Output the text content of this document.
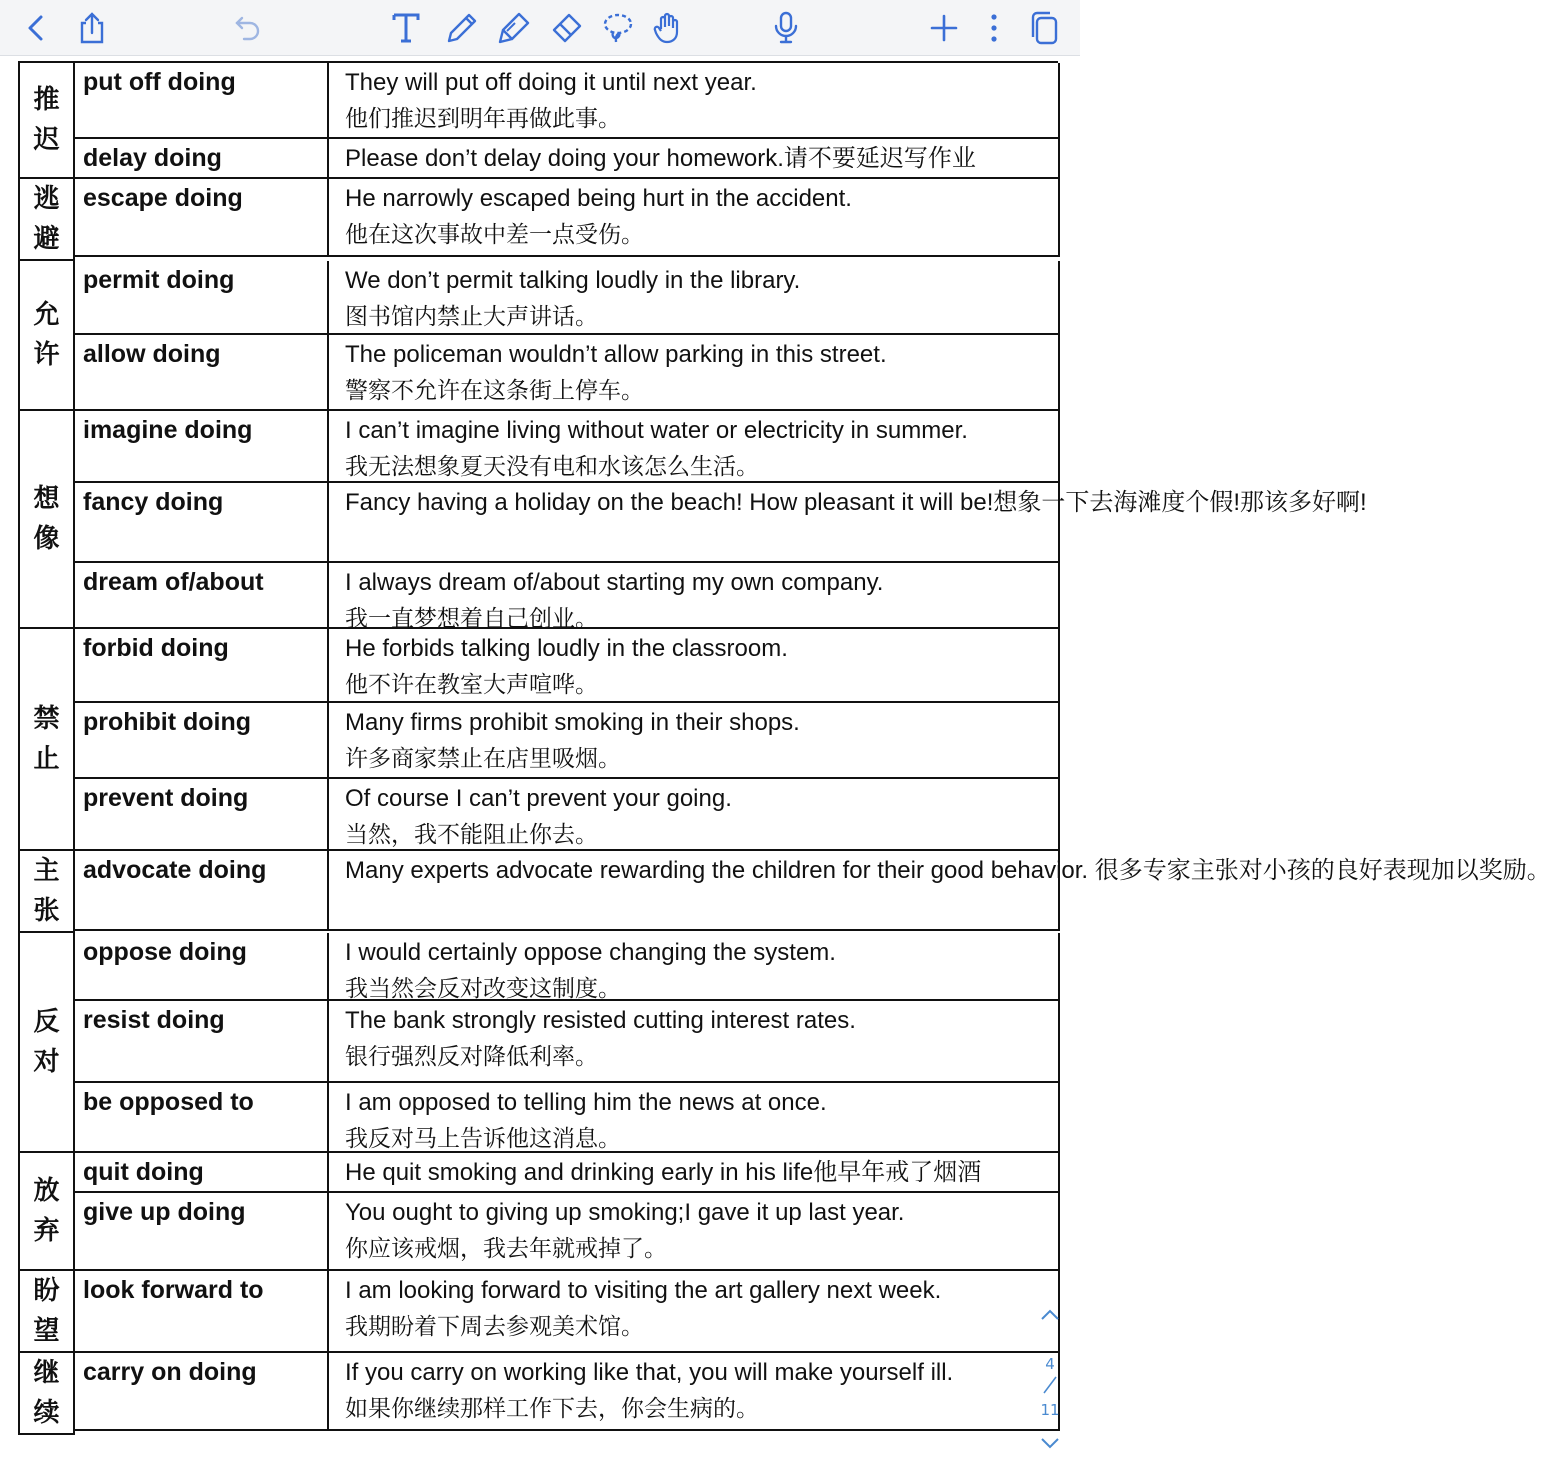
推迟
put off doing	They will put off doing it until next year.
他们推迟到明年再做此事。
delay doing	Please don’t delay doing your homework.请不要延迟写作业
逃避
escape doing	He narrowly escaped being hurt in the accident.
他在这次事故中差一点受伤。
允许
permit doing	We don’t permit talking loudly in the library.
图书馆内禁止大声讲话。
allow doing	The policeman wouldn’t allow parking in this street.
警察不允许在这条街上停车。
想像
imagine doing	I can’t imagine living without water or electricity in summer.
我无法想象夏天没有电和水该怎么生活。
fancy doing	Fancy having a holiday on the beach! How pleasant it will be!想象一下去海滩度个假!那该多好啊!
dream of/about	I always dream of/about starting my own company.
我一直梦想着自己创业。
禁止
forbid doing	He forbids talking loudly in the classroom.
他不许在教室大声喧哗。
prohibit doing	Many firms prohibit smoking in their shops.
许多商家禁止在店里吸烟。
prevent doing	Of course I can’t prevent your going.
当然，我不能阻止你去。
主张
advocate doing	Many experts advocate rewarding the children for their good behavior. 很多专家主张对小孩的良好表现加以奖励。
反对
oppose doing	I would certainly oppose changing the system.
我当然会反对改变这制度。
resist doing	The bank strongly resisted cutting interest rates.
银行强烈反对降低利率。
be opposed to	I am opposed to telling him the news at once.
我反对马上告诉他这消息。
放弃
quit doing	He quit smoking and drinking early in his life他早年戒了烟酒
give up doing	You ought to giving up smoking;I gave it up last year.
你应该戒烟，我去年就戒掉了。
盼望
look forward to	I am looking forward to visiting the art gallery next week.
我期盼着下周去参观美术馆。
继续
carry on doing	If you carry on working like that, you will make yourself ill.
如果你继续那样工作下去，你会生病的。
4
11
